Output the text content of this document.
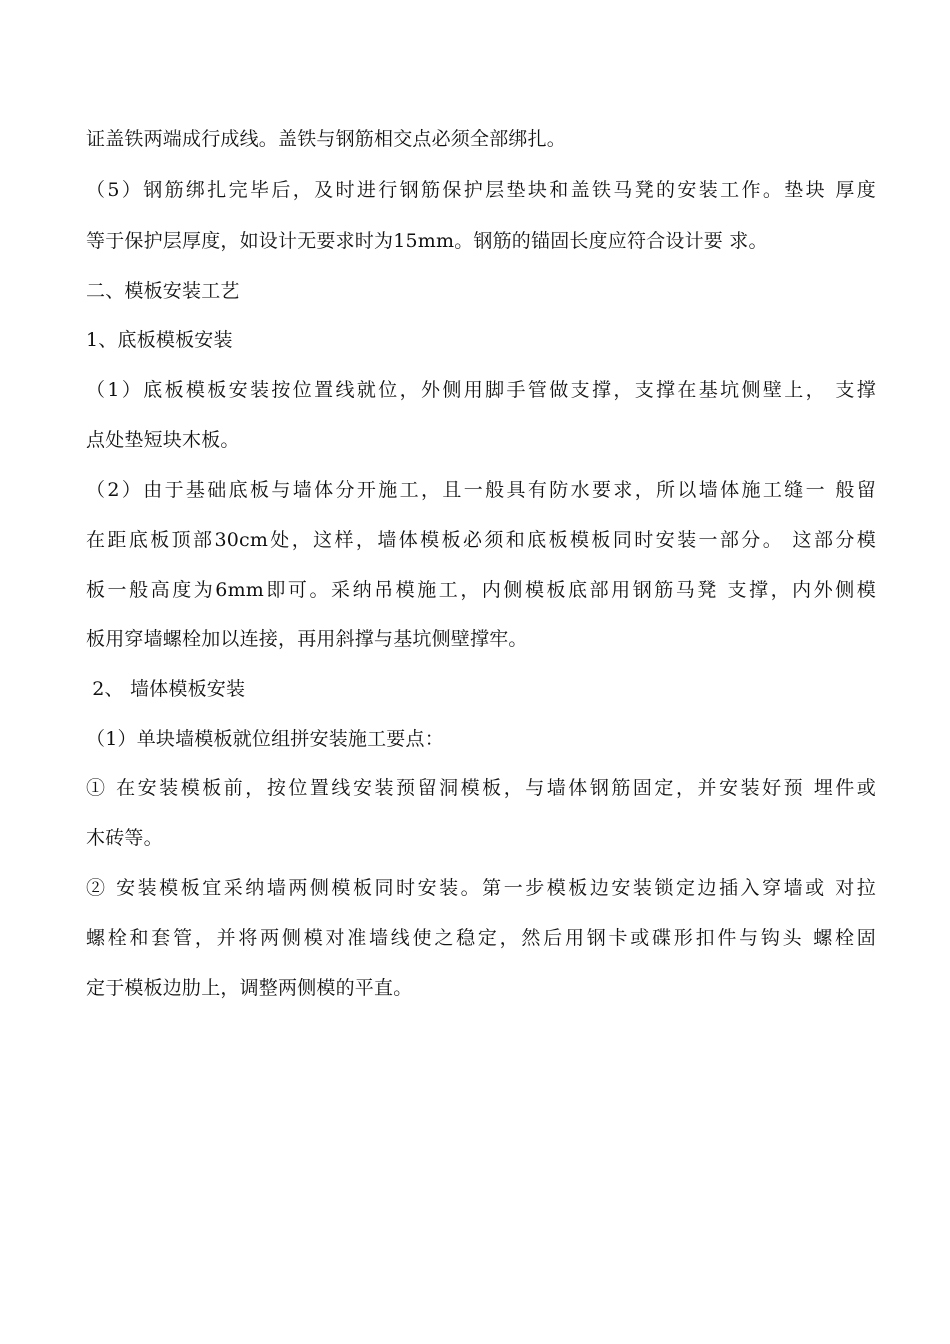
证盖铁两端成行成线。盖铁与钢筋相交点必须全部绑扎。
（5）钢筋绑扎完毕后，及时进行钢筋保护层垫块和盖铁马凳的安装工作。垫块 厚度
等于保护层厚度，如设计无要求时为15mm。钢筋的锚固长度应符合设计要 求。
二、模板安装工艺
1、底板模板安装
（1）底板模板安装按位置线就位，外侧用脚手管做支撑，支撑在基坑侧壁上， 支撑
点处垫短块木板。
（2）由于基础底板与墙体分开施工，且一般具有防水要求，所以墙体施工缝一 般留
在距底板顶部30cm处，这样，墙体模板必须和底板模板同时安装一部分。 这部分模
板一般高度为6mm即可。采纳吊模施工，内侧模板底部用钢筋马凳 支撑，内外侧模
板用穿墙螺栓加以连接，再用斜撑与基坑侧壁撑牢。
2、 墙体模板安装
（1）单块墙模板就位组拼安装施工要点：
① 在安装模板前，按位置线安装预留洞模板，与墙体钢筋固定，并安装好预 埋件或
木砖等。
② 安装模板宜采纳墙两侧模板同时安装。第一步模板边安装锁定边插入穿墙或 对拉
螺栓和套管，并将两侧模对准墙线使之稳定，然后用钢卡或碟形扣件与钩头 螺栓固
定于模板边肋上，调整两侧模的平直。
